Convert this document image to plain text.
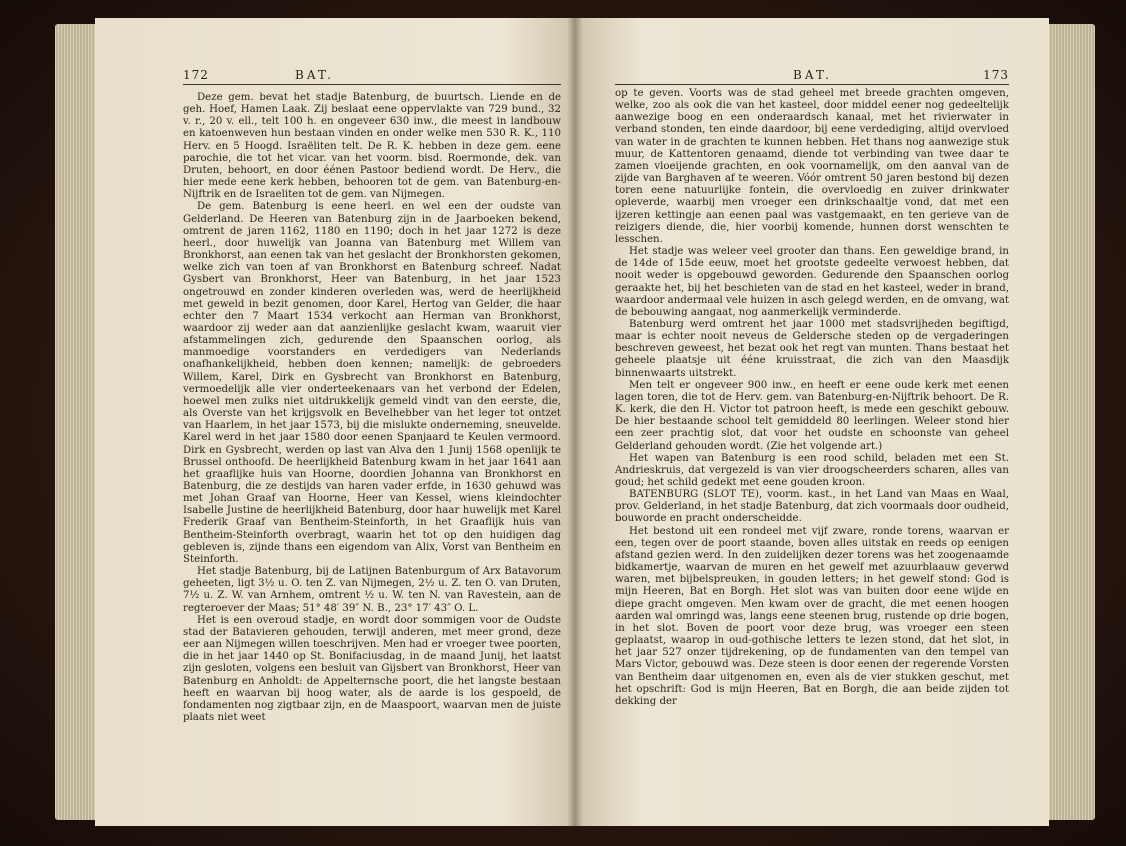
172	BAT.

Deze gem. bevat het stadje Batenburg, de buurtsch. Liende en de geh. Hoef, Hamen Laak. Zij beslaat eene oppervlakte van 729 bund., 32 v. r., 20 v. ell., telt 100 h. en ongeveer 630 inw., die meest in landbouw en katoenweven hun bestaan vinden en onder welke men 530 R. K., 110 Herv. en 5 Hoogd. Israëliten telt. De R. K. hebben in deze gem. eene parochie, die tot het vicar. van het voorm. bisd. Roermonde, dek. van Druten, behoort, en door éénen Pastoor bediend wordt. De Herv., die hier mede eene kerk hebben, behooren tot de gem. van Batenburg-en-Nijftrik en de Israeliten tot de gem. van Nijmegen.

De gem. Batenburg is eene heerl. en wel een der oudste van Gelderland. De Heeren van Batenburg zijn in de Jaarboeken bekend, omtrent de jaren 1162, 1180 en 1190; doch in het jaar 1272 is deze heerl., door huwelijk van Joanna van Batenburg met Willem van Bronkhorst, aan eenen tak van het geslacht der Bronkhorsten gekomen, welke zich van toen af van Bronkhorst en Batenburg schreef. Nadat Gysbert van Bronkhorst, Heer van Batenburg, in het jaar 1523 ongetrouwd en zonder kinderen overleden was, werd de heerlijkheid met geweld in bezit genomen, door Karel, Hertog van Gelder, die haar echter den 7 Maart 1534 verkocht aan Herman van Bronkhorst, waardoor zij weder aan dat aanzienlijke geslacht kwam, waaruit vier afstammelingen zich, gedurende den Spaanschen oorlog, als manmoedige voorstanders en verdedigers van Nederlands onafhankelijkheid, hebben doen kennen; namelijk: de gebroeders Willem, Karel, Dirk en Gysbrecht van Bronkhorst en Batenburg, vermoedelijk alle vier onderteekenaars van het verbond der Edelen, hoewel men zulks niet uitdrukkelijk gemeld vindt van den eerste, die, als Overste van het krijgsvolk en Bevelhebber van het leger tot ontzet van Haarlem, in het jaar 1573, bij die mislukte onderneming, sneuvelde. Karel werd in het jaar 1580 door eenen Spanjaard te Keulen vermoord. Dirk en Gysbrecht, werden op last van Alva den 1 Junij 1568 openlijk te Brussel onthoofd. De heerlijkheid Batenburg kwam in het jaar 1641 aan het graaflijke huis van Hoorne, doordien Johanna van Bronkhorst en Batenburg, die ze destijds van haren vader erfde, in 1630 gehuwd was met Johan Graaf van Hoorne, Heer van Kessel, wiens kleindochter Isabelle Justine de heerlijkheid Batenburg, door haar huwelijk met Karel Frederik Graaf van Bentheim-Steinforth, in het Graaflijk huis van Bentheim-Steinforth overbragt, waarin het tot op den huidigen dag gebleven is, zijnde thans een eigendom van Alix, Vorst van Bentheim en Steinforth.

Het stadje Batenburg, bij de Latijnen Batenburgum of Arx Batavorum geheeten, ligt 3½ u. O. ten Z. van Nijmegen, 2½ u. Z. ten O. van Druten, 7½ u. Z. W. van Arnhem, omtrent ½ u. W. ten N. van Ravestein, aan de regteroever der Maas; 51° 48′ 39″ N. B., 23° 17′ 43″ O. L.

Het is een overoud stadje, en wordt door sommigen voor de Oudste stad der Batavieren gehouden, terwijl anderen, met meer grond, deze eer aan Nijmegen willen toeschrijven. Men had er vroeger twee poorten, die in het jaar 1440 op St. Bonifaciusdag, in de maand Junij, het laatst zijn gesloten, volgens een besluit van Gijsbert van Bronkhorst, Heer van Batenburg en Anholdt: de Appelternsche poort, die het langste bestaan heeft en waarvan bij hoog water, als de aarde is los gespoeld, de fondamenten nog zigtbaar zijn, en de Maaspoort, waarvan men de juiste plaats niet weet

BAT.	173

op te geven. Voorts was de stad geheel met breede grachten omgeven, welke, zoo als ook die van het kasteel, door middel eener nog gedeeltelijk aanwezige boog en een onderaardsch kanaal, met het rivierwater in verband stonden, ten einde daardoor, bij eene verdediging, altijd overvloed van water in de grachten te kunnen hebben. Het thans nog aanwezige stuk muur, de Kattentoren genaamd, diende tot verbinding van twee daar te zamen vloeijende grachten, en ook voornamelijk, om den aanval van de zijde van Barghaven af te weeren. Vóór omtrent 50 jaren bestond bij dezen toren eene natuurlijke fontein, die overvloedig en zuiver drinkwater opleverde, waarbij men vroeger een drinkschaaltje vond, dat met een ijzeren kettingje aan eenen paal was vastgemaakt, en ten gerieve van de reizigers diende, die, hier voorbij komende, hunnen dorst wenschten te lesschen.

Het stadje was weleer veel grooter dan thans. Een geweldige brand, in de 14de of 15de eeuw, moet het grootste gedeelte verwoest hebben, dat nooit weder is opgebouwd geworden. Gedurende den Spaanschen oorlog geraakte het, bij het beschieten van de stad en het kasteel, weder in brand, waardoor andermaal vele huizen in asch gelegd werden, en de omvang, wat de bebouwing aangaat, nog aanmerkelijk verminderde.

Batenburg werd omtrent het jaar 1000 met stadsvrijheden begiftigd, maar is echter nooit neveus de Geldersche steden op de vergaderingen beschreven geweest, het bezat ook het regt van munten. Thans bestaat het geheele plaatsje uit ééne kruisstraat, die zich van den Maasdijk binnenwaarts uitstrekt.

Men telt er ongeveer 900 inw., en heeft er eene oude kerk met eenen lagen toren, die tot de Herv. gem. van Batenburg-en-Nijftrik behoort. De R. K. kerk, die den H. Victor tot patroon heeft, is mede een geschikt gebouw. De hier bestaande school telt gemiddeld 80 leerlingen. Weleer stond hier een zeer prachtig slot, dat voor het oudste en schoonste van geheel Gelderland gehouden wordt. (Zie het volgende art.)

Het wapen van Batenburg is een rood schild, beladen met een St. Andrieskruis, dat vergezeld is van vier droogscheerders scharen, alles van goud; het schild gedekt met eene gouden kroon.

BATENBURG (SLOT TE), voorm. kast., in het Land van Maas en Waal, prov. Gelderland, in het stadje Batenburg, dat zich voormaals door oudheid, bouworde en pracht onderscheidde.

Het bestond uit een rondeel met vijf zware, ronde torens, waarvan er een, tegen over de poort staande, boven alles uitstak en reeds op eenigen afstand gezien werd. In den zuidelijken dezer torens was het zoogenaamde bidkamertje, waarvan de muren en het gewelf met azuurblaauw geverwd waren, met bijbelspreuken, in gouden letters; in het gewelf stond: God is mijn Heeren, Bat en Borgh. Het slot was van buiten door eene wijde en diepe gracht omgeven. Men kwam over de gracht, die met eenen hoogen aarden wal omringd was, langs eene steenen brug, rustende op drie bogen, in het slot. Boven de poort voor deze brug, was vroeger een steen geplaatst, waarop in oud-gothische letters te lezen stond, dat het slot, in het jaar 527 onzer tijdrekening, op de fundamenten van den tempel van Mars Victor, gebouwd was. Deze steen is door eenen der regerende Vorsten van Bentheim daar uitgenomen en, even als de vier stukken geschut, met het opschrift: God is mijn Heeren, Bat en Borgh, die aan beide zijden tot dekking der
